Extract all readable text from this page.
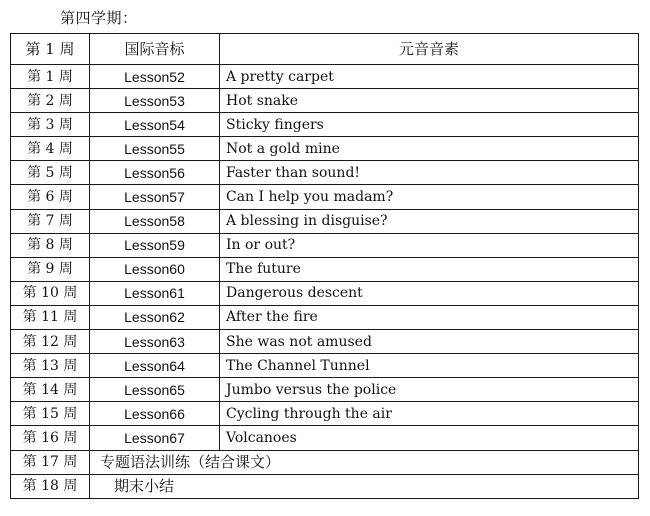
第四学期：
第 1 周	国际音标	元音音素
第 1 周	Lesson52	A pretty carpet
第 2 周	Lesson53	Hot snake
第 3 周	Lesson54	Sticky fingers
第 4 周	Lesson55	Not a gold mine
第 5 周	Lesson56	Faster than sound!
第 6 周	Lesson57	Can I help you madam?
第 7 周	Lesson58	A blessing in disguise?
第 8 周	Lesson59	In or out?
第 9 周	Lesson60	The future
第 10 周	Lesson61	Dangerous descent
第 11 周	Lesson62	After the fire
第 12 周	Lesson63	She was not amused
第 13 周	Lesson64	The Channel Tunnel
第 14 周	Lesson65	Jumbo versus the police
第 15 周	Lesson66	Cycling through the air
第 16 周	Lesson67	Volcanoes
第 17 周	专题语法训练（结合课文）	
第 18 周	期末小结	
